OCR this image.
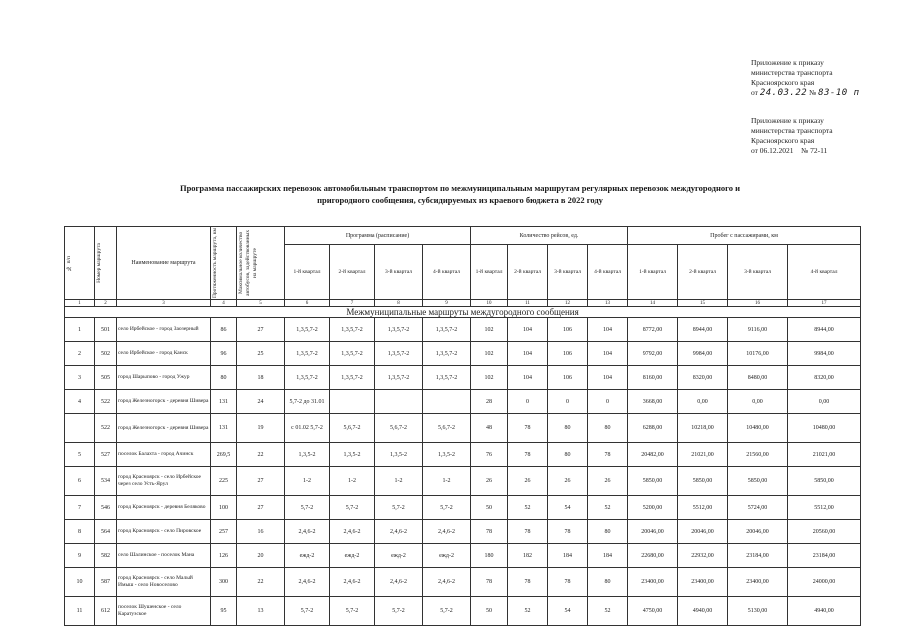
Приложение к приказу
министерства транспорта
Красноярского края
от 24.03.22 № 83-10 п
Приложение к приказу
министерства транспорта
Красноярского края
от 06.12.2021    № 72-11
Программа пассажирских перевозок автомобильным транспортом по межмуниципальным маршрутам регулярных перевозок междугородного и
пригородного сообщения, субсидируемых из краевого бюджета в 2022 году
№ п/п	Номер маршрута	Наименование маршрута	Протяженность маршрута, км	Максимальное количество автобусов, задействованных на маршруте	Программа (расписание)				Количество рейсов, ед.				Пробег с пассажирами, км			
					1-й квартал	2-й квартал	3-й квартал	4-й квартал	1-й квартал	2-й квартал	3-й квартал	4-й квартал	1-й квартал	2-й квартал	3-й квартал	4-й квартал
1	2	3	4	5	6	7	8	9	10	11	12	13	14	15	16	17
Межмуниципальные маршруты междугородного сообщения																
1	501	село Ирбейское - город Заозерный	86	27	1,3,5,7-2	1,3,5,7-2	1,3,5,7-2	1,3,5,7-2	102	104	106	104	8772,00	8944,00	9116,00	8944,00
2	502	село Ирбейское - город Канск	96	25	1,3,5,7-2	1,3,5,7-2	1,3,5,7-2	1,3,5,7-2	102	104	106	104	9792,00	9984,00	10176,00	9984,00
3	505	город Шарыпово - город Ужур	80	18	1,3,5,7-2	1,3,5,7-2	1,3,5,7-2	1,3,5,7-2	102	104	106	104	8160,00	8320,00	8480,00	8320,00
4	522	город Железногорск - деревня Шивера	131	24	5,7-2 до 31.01				28	0	0	0	3668,00	0,00	0,00	0,00
	522	город Железногорск - деревня Шивера	131	19	с 01.02 5,7-2	5,6,7-2	5,6,7-2	5,6,7-2	48	78	80	80	6288,00	10218,00	10480,00	10480,00
5	527	поселок Балахта - город Ачинск	269,5	22	1,3,5-2	1,3,5-2	1,3,5-2	1,3,5-2	76	78	80	78	20482,00	21021,00	21560,00	21021,00
6	534	город Красноярск - село Ирбейское через село Усть-Ярул	225	27	1-2	1-2	1-2	1-2	26	26	26	26	5850,00	5850,00	5850,00	5850,00
7	546	город Красноярск - деревня Беляково	100	27	5,7-2	5,7-2	5,7-2	5,7-2	50	52	54	52	5200,00	5512,00	5724,00	5512,00
8	564	город Красноярск - село Пировское	257	16	2,4,6-2	2,4,6-2	2,4,6-2	2,4,6-2	78	78	78	80	20046,00	20046,00	20046,00	20560,00
9	582	село Шалинское - поселок Мана	126	20	ежд-2	ежд-2	ежд-2	ежд-2	180	182	184	184	22680,00	22932,00	23184,00	23184,00
10	587	город Красноярск - село Малый Имыш - село Новоселово	300	22	2,4,6-2	2,4,6-2	2,4,6-2	2,4,6-2	78	78	78	80	23400,00	23400,00	23400,00	24000,00
11	612	поселок Шушенское - село Каратузское	95	13	5,7-2	5,7-2	5,7-2	5,7-2	50	52	54	52	4750,00	4940,00	5130,00	4940,00
